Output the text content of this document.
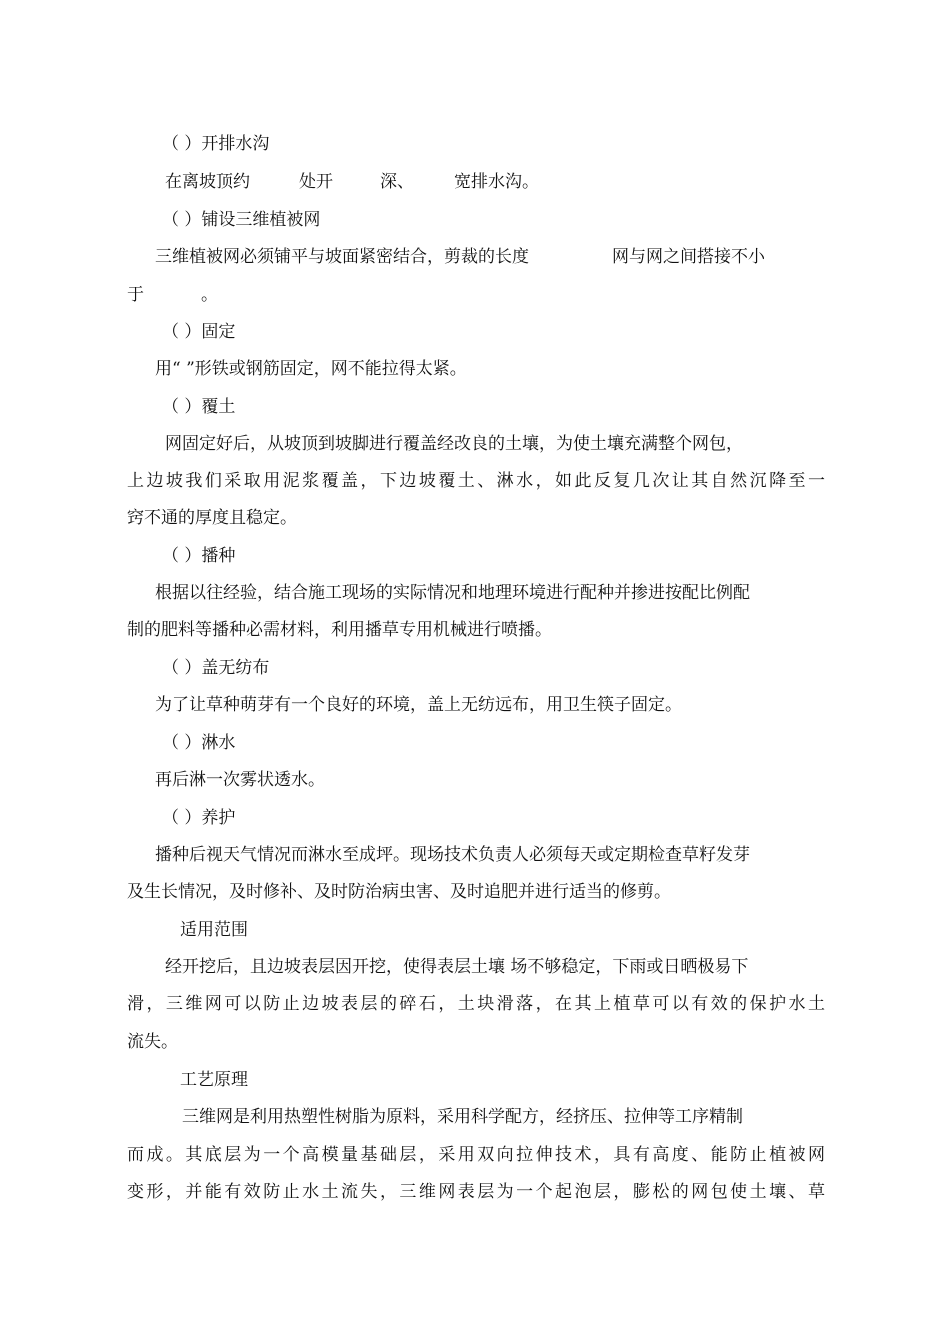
（ ）开排水沟
在离坡顶约	处开	深、 宽排水沟。
（ ）铺设三维植被网
三维植被网必须铺平与坡面紧密结合，剪裁的长度	网与网之间搭接不小
于	。
（ ）固定
用“ ”形铁或钢筋固定，网不能拉得太紧。
（ ）覆土
网固定好后，从坡顶到坡脚进行覆盖经改良的土壤，为使土壤充满整个网包，
上边坡我们采取用泥浆覆盖，下边坡覆土、淋水，如此反复几次让其自然沉降至一
窍不通的厚度且稳定。
（ ）播种
根据以往经验，结合施工现场的实际情况和地理环境进行配种并掺进按配比例配
制的肥料等播种必需材料，利用播草专用机械进行喷播。
（ ）盖无纺布
为了让草种萌芽有一个良好的环境，盖上无纺远布，用卫生筷子固定。
（ ）淋水
再后淋一次雾状透水。
（ ）养护
播种后视天气情况而淋水至成坪。现场技术负责人必须每天或定期检查草籽发芽
及生长情况，及时修补、及时防治病虫害、及时追肥并进行适当的修剪。
适用范围
经开挖后，且边坡表层因开挖，使得表层土壤 场不够稳定，下雨或日晒极易下
滑，三维网可以防止边坡表层的碎石，土块滑落，在其上植草可以有效的保护水土
流失。
工艺原理
三维网是利用热塑性树脂为原料，采用科学配方，经挤压、拉伸等工序精制
而成。其底层为一个高模量基础层，采用双向拉伸技术，具有高度、能防止植被网
变形，并能有效防止水土流失，三维网表层为一个起泡层，膨松的网包使土壤、草
